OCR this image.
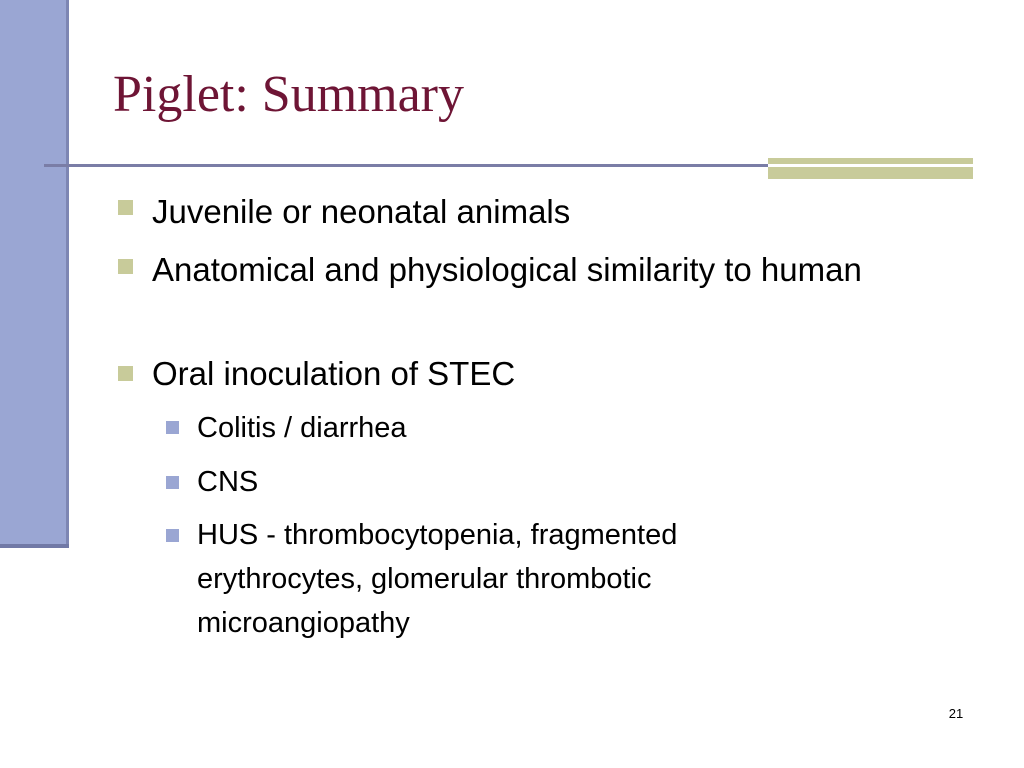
Piglet: Summary
Juvenile or neonatal animals
Anatomical and physiological similarity to human
Oral inoculation of STEC
Colitis / diarrhea
CNS
HUS - thrombocytopenia, fragmented erythrocytes, glomerular thrombotic microangiopathy
21
